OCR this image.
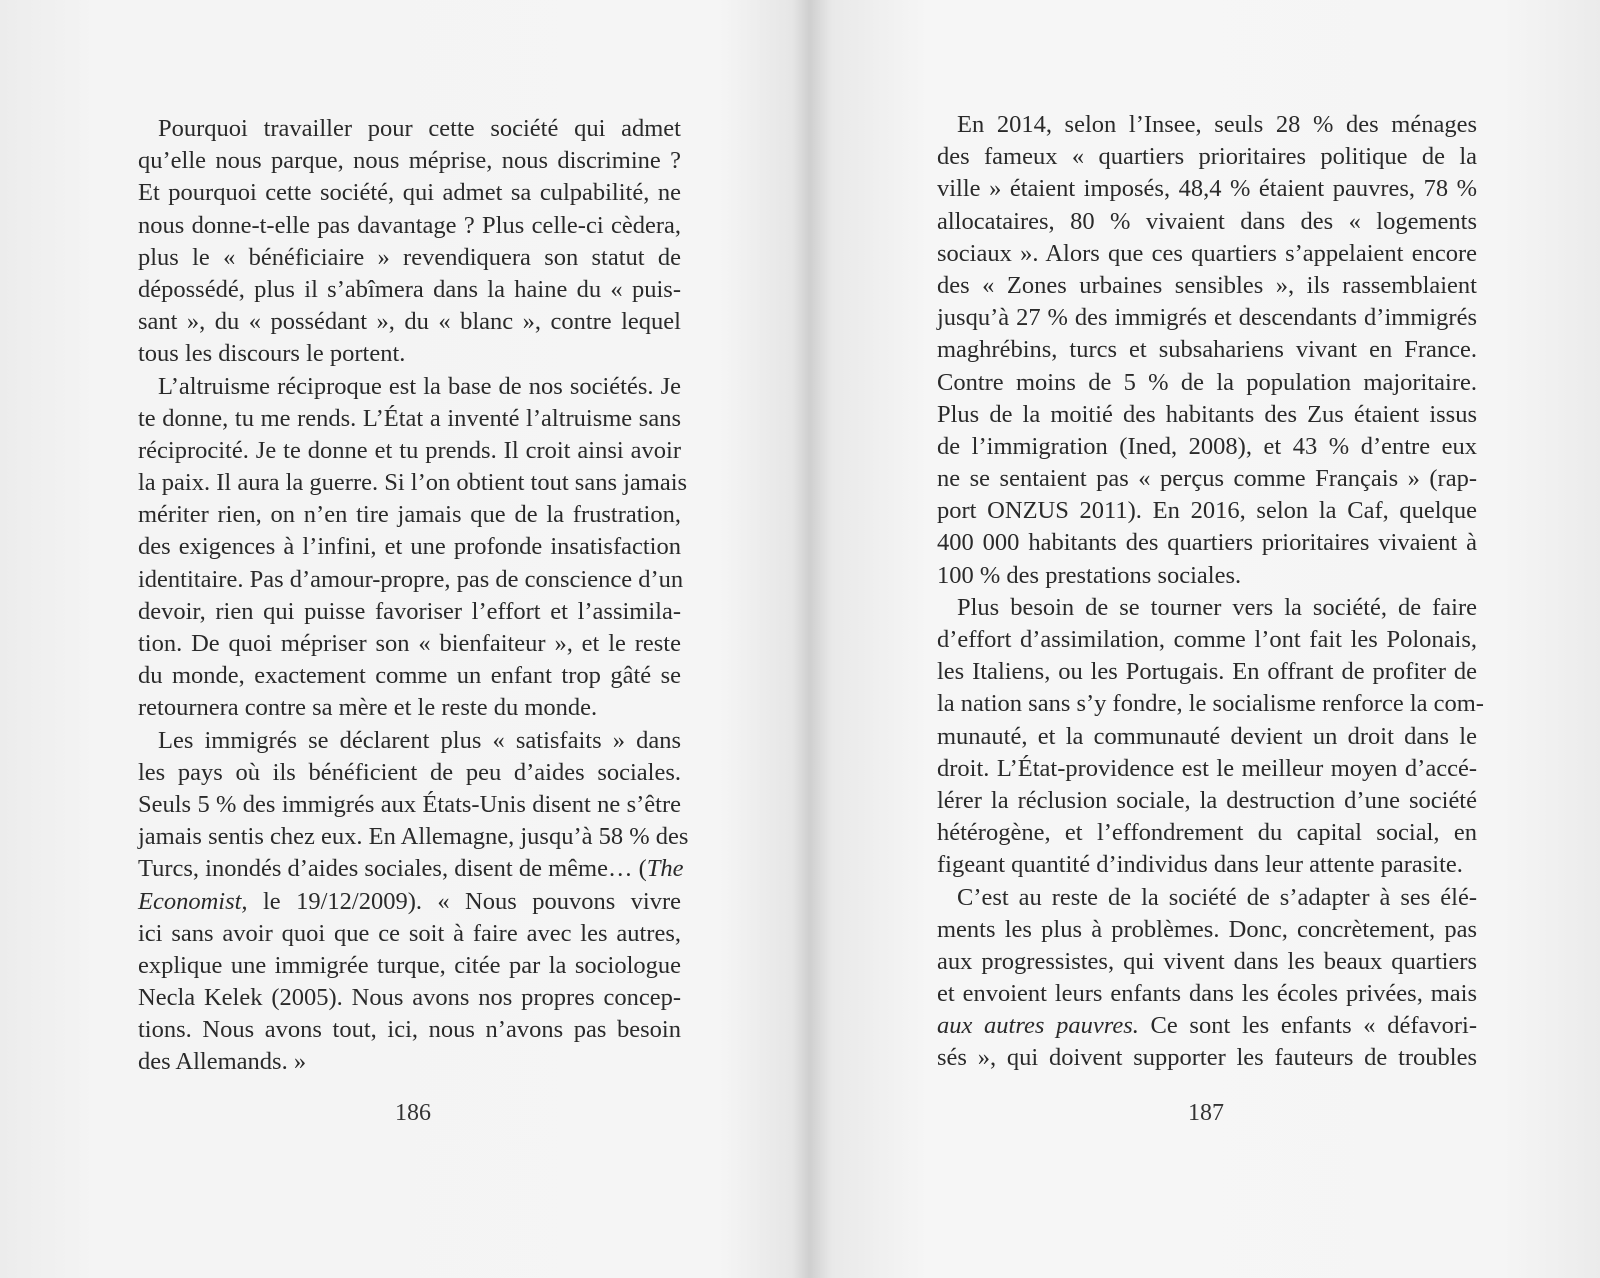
Pourquoi travailler pour cette société qui admet
qu’elle nous parque, nous méprise, nous discrimine ?
Et pourquoi cette société, qui admet sa culpabilité, ne
nous donne-t-elle pas davantage ? Plus celle-ci cèdera,
plus le « bénéficiaire » revendiquera son statut de
dépossédé, plus il s’abîmera dans la haine du « puis-
sant », du « possédant », du « blanc », contre lequel
tous les discours le portent.
L’altruisme réciproque est la base de nos sociétés. Je
te donne, tu me rends. L’État a inventé l’altruisme sans
réciprocité. Je te donne et tu prends. Il croit ainsi avoir
la paix. Il aura la guerre. Si l’on obtient tout sans jamais
mériter rien, on n’en tire jamais que de la frustration,
des exigences à l’infini, et une profonde insatisfaction
identitaire. Pas d’amour-propre, pas de conscience d’un
devoir, rien qui puisse favoriser l’effort et l’assimila-
tion. De quoi mépriser son « bienfaiteur », et le reste
du monde, exactement comme un enfant trop gâté se
retournera contre sa mère et le reste du monde.
Les immigrés se déclarent plus « satisfaits » dans
les pays où ils bénéficient de peu d’aides sociales.
Seuls 5 % des immigrés aux États-Unis disent ne s’être
jamais sentis chez eux. En Allemagne, jusqu’à 58 % des
Turcs, inondés d’aides sociales, disent de même… (The
Economist, le 19/12/2009). « Nous pouvons vivre
ici sans avoir quoi que ce soit à faire avec les autres,
explique une immigrée turque, citée par la sociologue
Necla Kelek (2005). Nous avons nos propres concep-
tions. Nous avons tout, ici, nous n’avons pas besoin
des Allemands. »
186
En 2014, selon l’Insee, seuls 28 % des ménages
des fameux « quartiers prioritaires politique de la
ville » étaient imposés, 48,4 % étaient pauvres, 78 %
allocataires, 80 % vivaient dans des « logements
sociaux ». Alors que ces quartiers s’appelaient encore
des « Zones urbaines sensibles », ils rassemblaient
jusqu’à 27 % des immigrés et descendants d’immigrés
maghrébins, turcs et subsahariens vivant en France.
Contre moins de 5 % de la population majoritaire.
Plus de la moitié des habitants des Zus étaient issus
de l’immigration (Ined, 2008), et 43 % d’entre eux
ne se sentaient pas « perçus comme Français » (rap-
port ONZUS 2011). En 2016, selon la Caf, quelque
400 000 habitants des quartiers prioritaires vivaient à
100 % des prestations sociales.
Plus besoin de se tourner vers la société, de faire
d’effort d’assimilation, comme l’ont fait les Polonais,
les Italiens, ou les Portugais. En offrant de profiter de
la nation sans s’y fondre, le socialisme renforce la com-
munauté, et la communauté devient un droit dans le
droit. L’État-providence est le meilleur moyen d’accé-
lérer la réclusion sociale, la destruction d’une société
hétérogène, et l’effondrement du capital social, en
figeant quantité d’individus dans leur attente parasite.
C’est au reste de la société de s’adapter à ses élé-
ments les plus à problèmes. Donc, concrètement, pas
aux progressistes, qui vivent dans les beaux quartiers
et envoient leurs enfants dans les écoles privées, mais
aux autres pauvres. Ce sont les enfants « défavori-
sés », qui doivent supporter les fauteurs de troubles
187
